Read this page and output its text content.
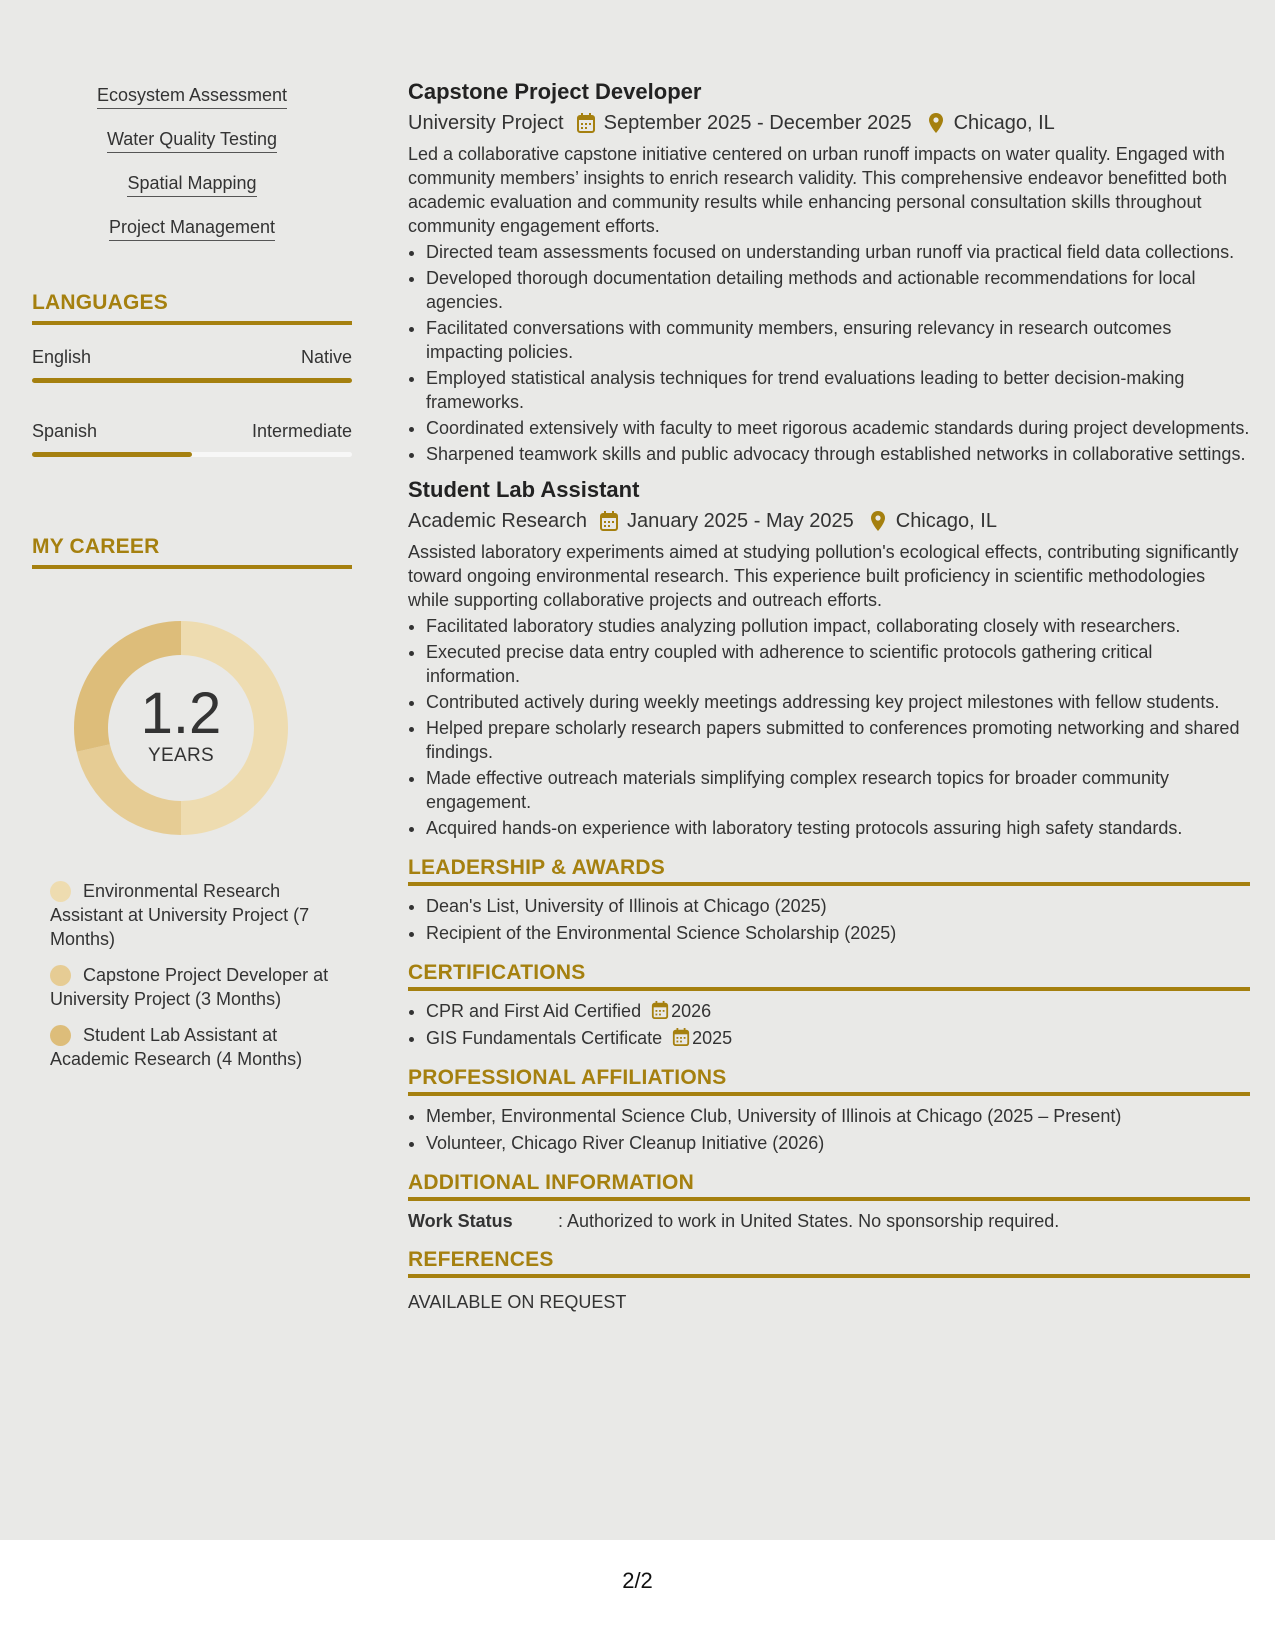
Ecosystem Assessment
Water Quality Testing
Spatial Mapping
Project Management
LANGUAGES
English	Native
Spanish	Intermediate
MY CAREER
1.2
YEARS
Environmental Research Assistant at University Project (7 Months)
Capstone Project Developer at University Project (3 Months)
Student Lab Assistant at Academic Research (4 Months)
Capstone Project Developer
University Project September 2025 - December 2025 Chicago, IL

Led a collaborative capstone initiative centered on urban runoff impacts on water quality. Engaged with community members’ insights to enrich research validity. This comprehensive endeavor benefitted both academic evaluation and community results while enhancing personal consultation skills throughout community engagement efforts.

• Directed team assessments focused on understanding urban runoff via practical field data collections.
• Developed thorough documentation detailing methods and actionable recommendations for local agencies.
• Facilitated conversations with community members, ensuring relevancy in research outcomes impacting policies.
• Employed statistical analysis techniques for trend evaluations leading to better decision-making frameworks.
• Coordinated extensively with faculty to meet rigorous academic standards during project developments.
• Sharpened teamwork skills and public advocacy through established networks in collaborative settings.
Student Lab Assistant
Academic Research January 2025 - May 2025 Chicago, IL

Assisted laboratory experiments aimed at studying pollution's ecological effects, contributing significantly toward ongoing environmental research. This experience built proficiency in scientific methodologies while supporting collaborative projects and outreach efforts.

• Facilitated laboratory studies analyzing pollution impact, collaborating closely with researchers.
• Executed precise data entry coupled with adherence to scientific protocols gathering critical information.
• Contributed actively during weekly meetings addressing key project milestones with fellow students.
• Helped prepare scholarly research papers submitted to conferences promoting networking and shared findings.
• Made effective outreach materials simplifying complex research topics for broader community engagement.
• Acquired hands-on experience with laboratory testing protocols assuring high safety standards.
LEADERSHIP & AWARDS
• Dean's List, University of Illinois at Chicago (2025)
• Recipient of the Environmental Science Scholarship (2025)
CERTIFICATIONS
• CPR and First Aid Certified 2026
• GIS Fundamentals Certificate 2025
PROFESSIONAL AFFILIATIONS
• Member, Environmental Science Club, University of Illinois at Chicago (2025 – Present)
• Volunteer, Chicago River Cleanup Initiative (2026)
ADDITIONAL INFORMATION
Work Status	: Authorized to work in United States. No sponsorship required.
REFERENCES

AVAILABLE ON REQUEST

2/2
